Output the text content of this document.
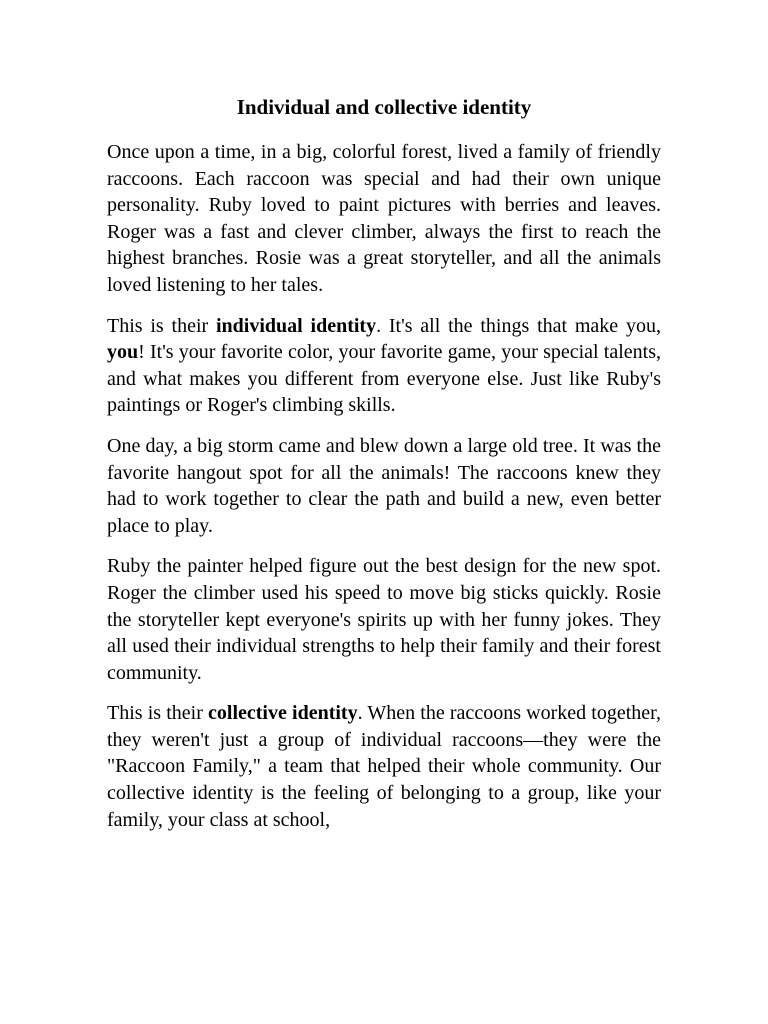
Individual and collective identity

Once upon a time, in a big, colorful forest, lived a family of friendly raccoons. Each raccoon was special and had their own unique personality. Ruby loved to paint pictures with berries and leaves. Roger was a fast and clever climber, always the first to reach the highest branches. Rosie was a great storyteller, and all the animals loved listening to her tales.

This is their individual identity. It's all the things that make you, you! It's your favorite color, your favorite game, your special talents, and what makes you different from everyone else. Just like Ruby's paintings or Roger's climbing skills.

One day, a big storm came and blew down a large old tree. It was the favorite hangout spot for all the animals! The raccoons knew they had to work together to clear the path and build a new, even better place to play.

Ruby the painter helped figure out the best design for the new spot. Roger the climber used his speed to move big sticks quickly. Rosie the storyteller kept everyone's spirits up with her funny jokes. They all used their individual strengths to help their family and their forest community.

This is their collective identity. When the raccoons worked together, they weren't just a group of individual raccoons—they were the "Raccoon Family," a team that helped their whole community. Our collective identity is the feeling of belonging to a group, like your family, your class at school,
